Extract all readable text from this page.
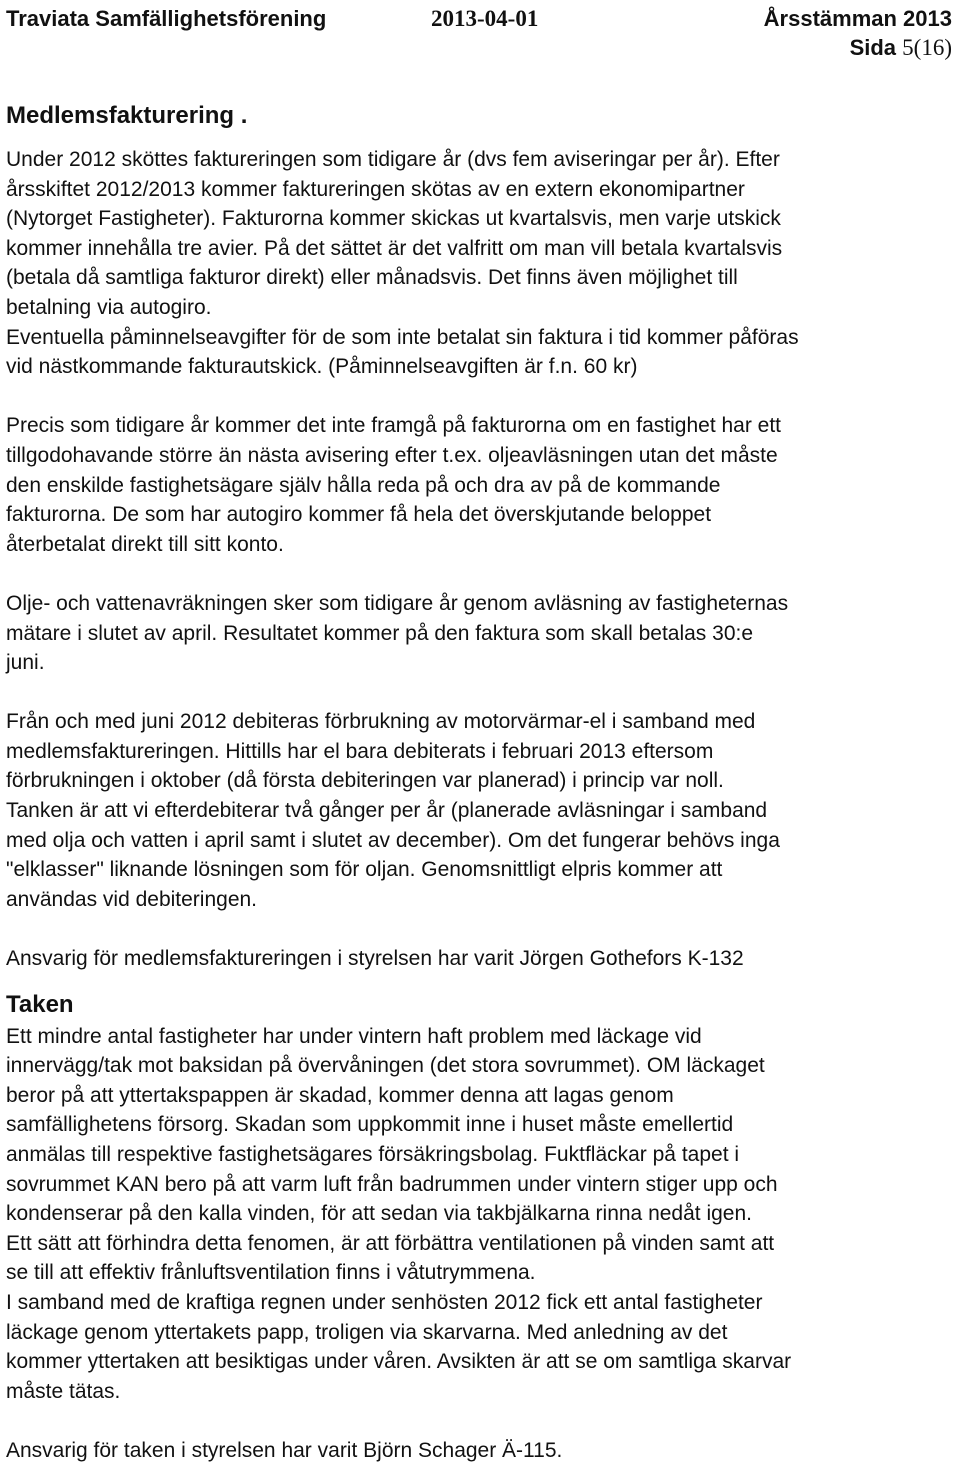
Traviata Samfällighetsförening	2013-04-01	Årsstämman 2013
Sida 5(16)
Medlemsfakturering .

Under 2012 sköttes faktureringen som tidigare år (dvs fem aviseringar per år). Efter

årsskiftet 2012/2013 kommer faktureringen skötas av en extern ekonomipartner

(Nytorget Fastigheter). Fakturorna kommer skickas ut kvartalsvis, men varje utskick

kommer innehålla tre avier. På det sättet är det valfritt om man vill betala kvartalsvis

(betala då samtliga fakturor direkt) eller månadsvis. Det finns även möjlighet till

betalning via autogiro.

Eventuella påminnelseavgifter för de som inte betalat sin faktura i tid kommer påföras

vid nästkommande fakturautskick. (Påminnelseavgiften är f.n. 60 kr)

Precis som tidigare år kommer det inte framgå på fakturorna om en fastighet har ett

tillgodohavande större än nästa avisering efter t.ex. oljeavläsningen utan det måste

den enskilde fastighetsägare själv hålla reda på och dra av på de kommande

fakturorna. De som har autogiro kommer få hela det överskjutande beloppet

återbetalat direkt till sitt konto.

Olje- och vattenavräkningen sker som tidigare år genom avläsning av fastigheternas

mätare i slutet av april. Resultatet kommer på den faktura som skall betalas 30:e

juni.

Från och med juni 2012 debiteras förbrukning av motorvärmar-el i samband med

medlemsfaktureringen. Hittills har el bara debiterats i februari 2013 eftersom

förbrukningen i oktober (då första debiteringen var planerad) i princip var noll.

Tanken är att vi efterdebiterar två gånger per år (planerade avläsningar i samband

med olja och vatten i april samt i slutet av december). Om det fungerar behövs inga

"elklasser" liknande lösningen som för oljan. Genomsnittligt elpris kommer att

användas vid debiteringen.

Ansvarig för medlemsfaktureringen i styrelsen har varit Jörgen Gothefors K-132

Taken

Ett mindre antal fastigheter har under vintern haft problem med läckage vid

innervägg/tak mot baksidan på övervåningen (det stora sovrummet). OM läckaget

beror på att yttertakspappen är skadad, kommer denna att lagas genom

samfällighetens försorg. Skadan som uppkommit inne i huset måste emellertid

anmälas till respektive fastighetsägares försäkringsbolag. Fuktfläckar på tapet i

sovrummet KAN bero på att varm luft från badrummen under vintern stiger upp och

kondenserar på den kalla vinden, för att sedan via takbjälkarna rinna nedåt igen.

Ett sätt att förhindra detta fenomen, är att förbättra ventilationen på vinden samt att

se till att effektiv frånluftsventilation finns i våtutrymmena.

I samband med de kraftiga regnen under senhösten 2012 fick ett antal fastigheter

läckage genom yttertakets papp, troligen via skarvarna. Med anledning av det

kommer yttertaken att besiktigas under våren. Avsikten är att se om samtliga skarvar

måste tätas.

Ansvarig för taken i styrelsen har varit Björn Schager Ä-115.
